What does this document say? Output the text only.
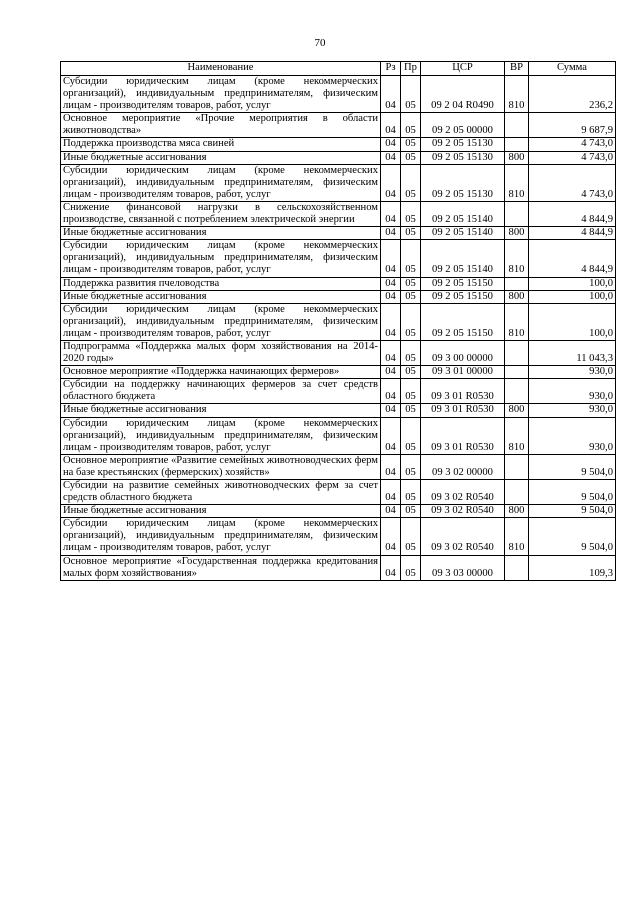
70
Наименование	Рз	Пр	ЦСР	ВР	Сумма
Субсидии юридическим лицам (кроме некоммерческих организаций), индивидуальным предпринимателям, физическим лицам - производителям товаров, работ, услуг	04	05	09 2 04 R0490	810	236,2
Основное мероприятие «Прочие мероприятия в области животноводства»	04	05	09 2 05 00000		9 687,9
Поддержка производства мяса свиней	04	05	09 2 05 15130		4 743,0
Иные бюджетные ассигнования	04	05	09 2 05 15130	800	4 743,0
Субсидии юридическим лицам (кроме некоммерческих организаций), индивидуальным предпринимателям, физическим лицам - производителям товаров, работ, услуг	04	05	09 2 05 15130	810	4 743,0
Снижение финансовой нагрузки в сельскохозяйственном производстве, связанной с потреблением электрической энергии	04	05	09 2 05 15140		4 844,9
Иные бюджетные ассигнования	04	05	09 2 05 15140	800	4 844,9
Субсидии юридическим лицам (кроме некоммерческих организаций), индивидуальным предпринимателям, физическим лицам - производителям товаров, работ, услуг	04	05	09 2 05 15140	810	4 844,9
Поддержка развития пчеловодства	04	05	09 2 05 15150		100,0
Иные бюджетные ассигнования	04	05	09 2 05 15150	800	100,0
Субсидии юридическим лицам (кроме некоммерческих организаций), индивидуальным предпринимателям, физическим лицам - производителям товаров, работ, услуг	04	05	09 2 05 15150	810	100,0
Подпрограмма «Поддержка малых форм хозяйствования на 2014-2020 годы»	04	05	09 3 00 00000		11 043,3
Основное мероприятие «Поддержка начинающих фермеров»	04	05	09 3 01 00000		930,0
Субсидии на поддержку начинающих фермеров за счет средств областного бюджета	04	05	09 3 01 R0530		930,0
Иные бюджетные ассигнования	04	05	09 3 01 R0530	800	930,0
Субсидии юридическим лицам (кроме некоммерческих организаций), индивидуальным предпринимателям, физическим лицам - производителям товаров, работ, услуг	04	05	09 3 01 R0530	810	930,0
Основное мероприятие «Развитие семейных животноводческих ферм на базе крестьянских (фермерских) хозяйств»	04	05	09 3 02 00000		9 504,0
Субсидии на развитие семейных животноводческих ферм за счет средств областного бюджета	04	05	09 3 02 R0540		9 504,0
Иные бюджетные ассигнования	04	05	09 3 02 R0540	800	9 504,0
Субсидии юридическим лицам (кроме некоммерческих организаций), индивидуальным предпринимателям, физическим лицам - производителям товаров, работ, услуг	04	05	09 3 02 R0540	810	9 504,0
Основное мероприятие «Государственная поддержка кредитования малых форм хозяйствования»	04	05	09 3 03 00000		109,3
